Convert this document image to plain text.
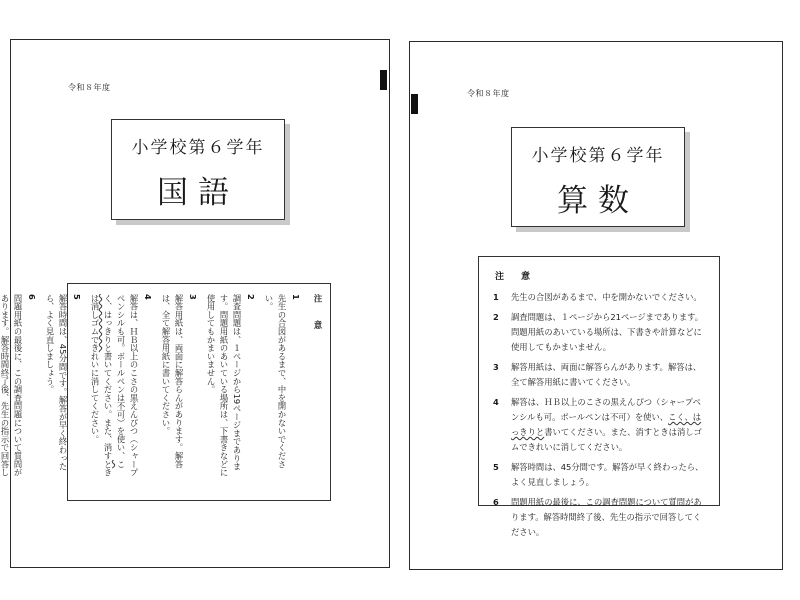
令和８年度
小学校第６学年
国語
注　意
1
先生の合図があるまで、中を開かないでください。
2
調査問題は、１ページから19ページまであります。問題用紙のあいている場所は、下書きなどに使用してもかまいません。
3
解答用紙は、両面に解答らんがあります。解答は、全て解答用紙に書いてください。
4
解答は、ＨＢ以上のこさの黒えんぴつ（シャープペンシルも可。ボールペンは不可）を使い、こく、はっきりと書いてください。また、消すときは消しゴムできれいに消してください。
5
解答時間は、45分間です。解答が早く終わったら、よく見直しましょう。
6
問題用紙の最後に、この調査問題について質問があります。解答時間終了後、先生の指示で回答し
令和８年度
小学校第６学年
算数
注　意
1	先生の合図があるまで、中を開かないでください。
2	調査問題は、１ページから21ページまであります。問題用紙のあいている場所は、下書きや計算などに使用してもかまいません。
3	解答用紙は、両面に解答らんがあります。解答は、全て解答用紙に書いてください。
4	解答は、ＨＢ以上のこさの黒えんぴつ（シャープペンシルも可。ボールペンは不可）を使い、こく、はっきりと書いてください。また、消すときは消しゴムできれいに消してください。
5	解答時間は、45分間です。解答が早く終わったら、よく見直しましょう。
6	問題用紙の最後に、この調査問題について質問があります。解答時間終了後、先生の指示で回答してください。
